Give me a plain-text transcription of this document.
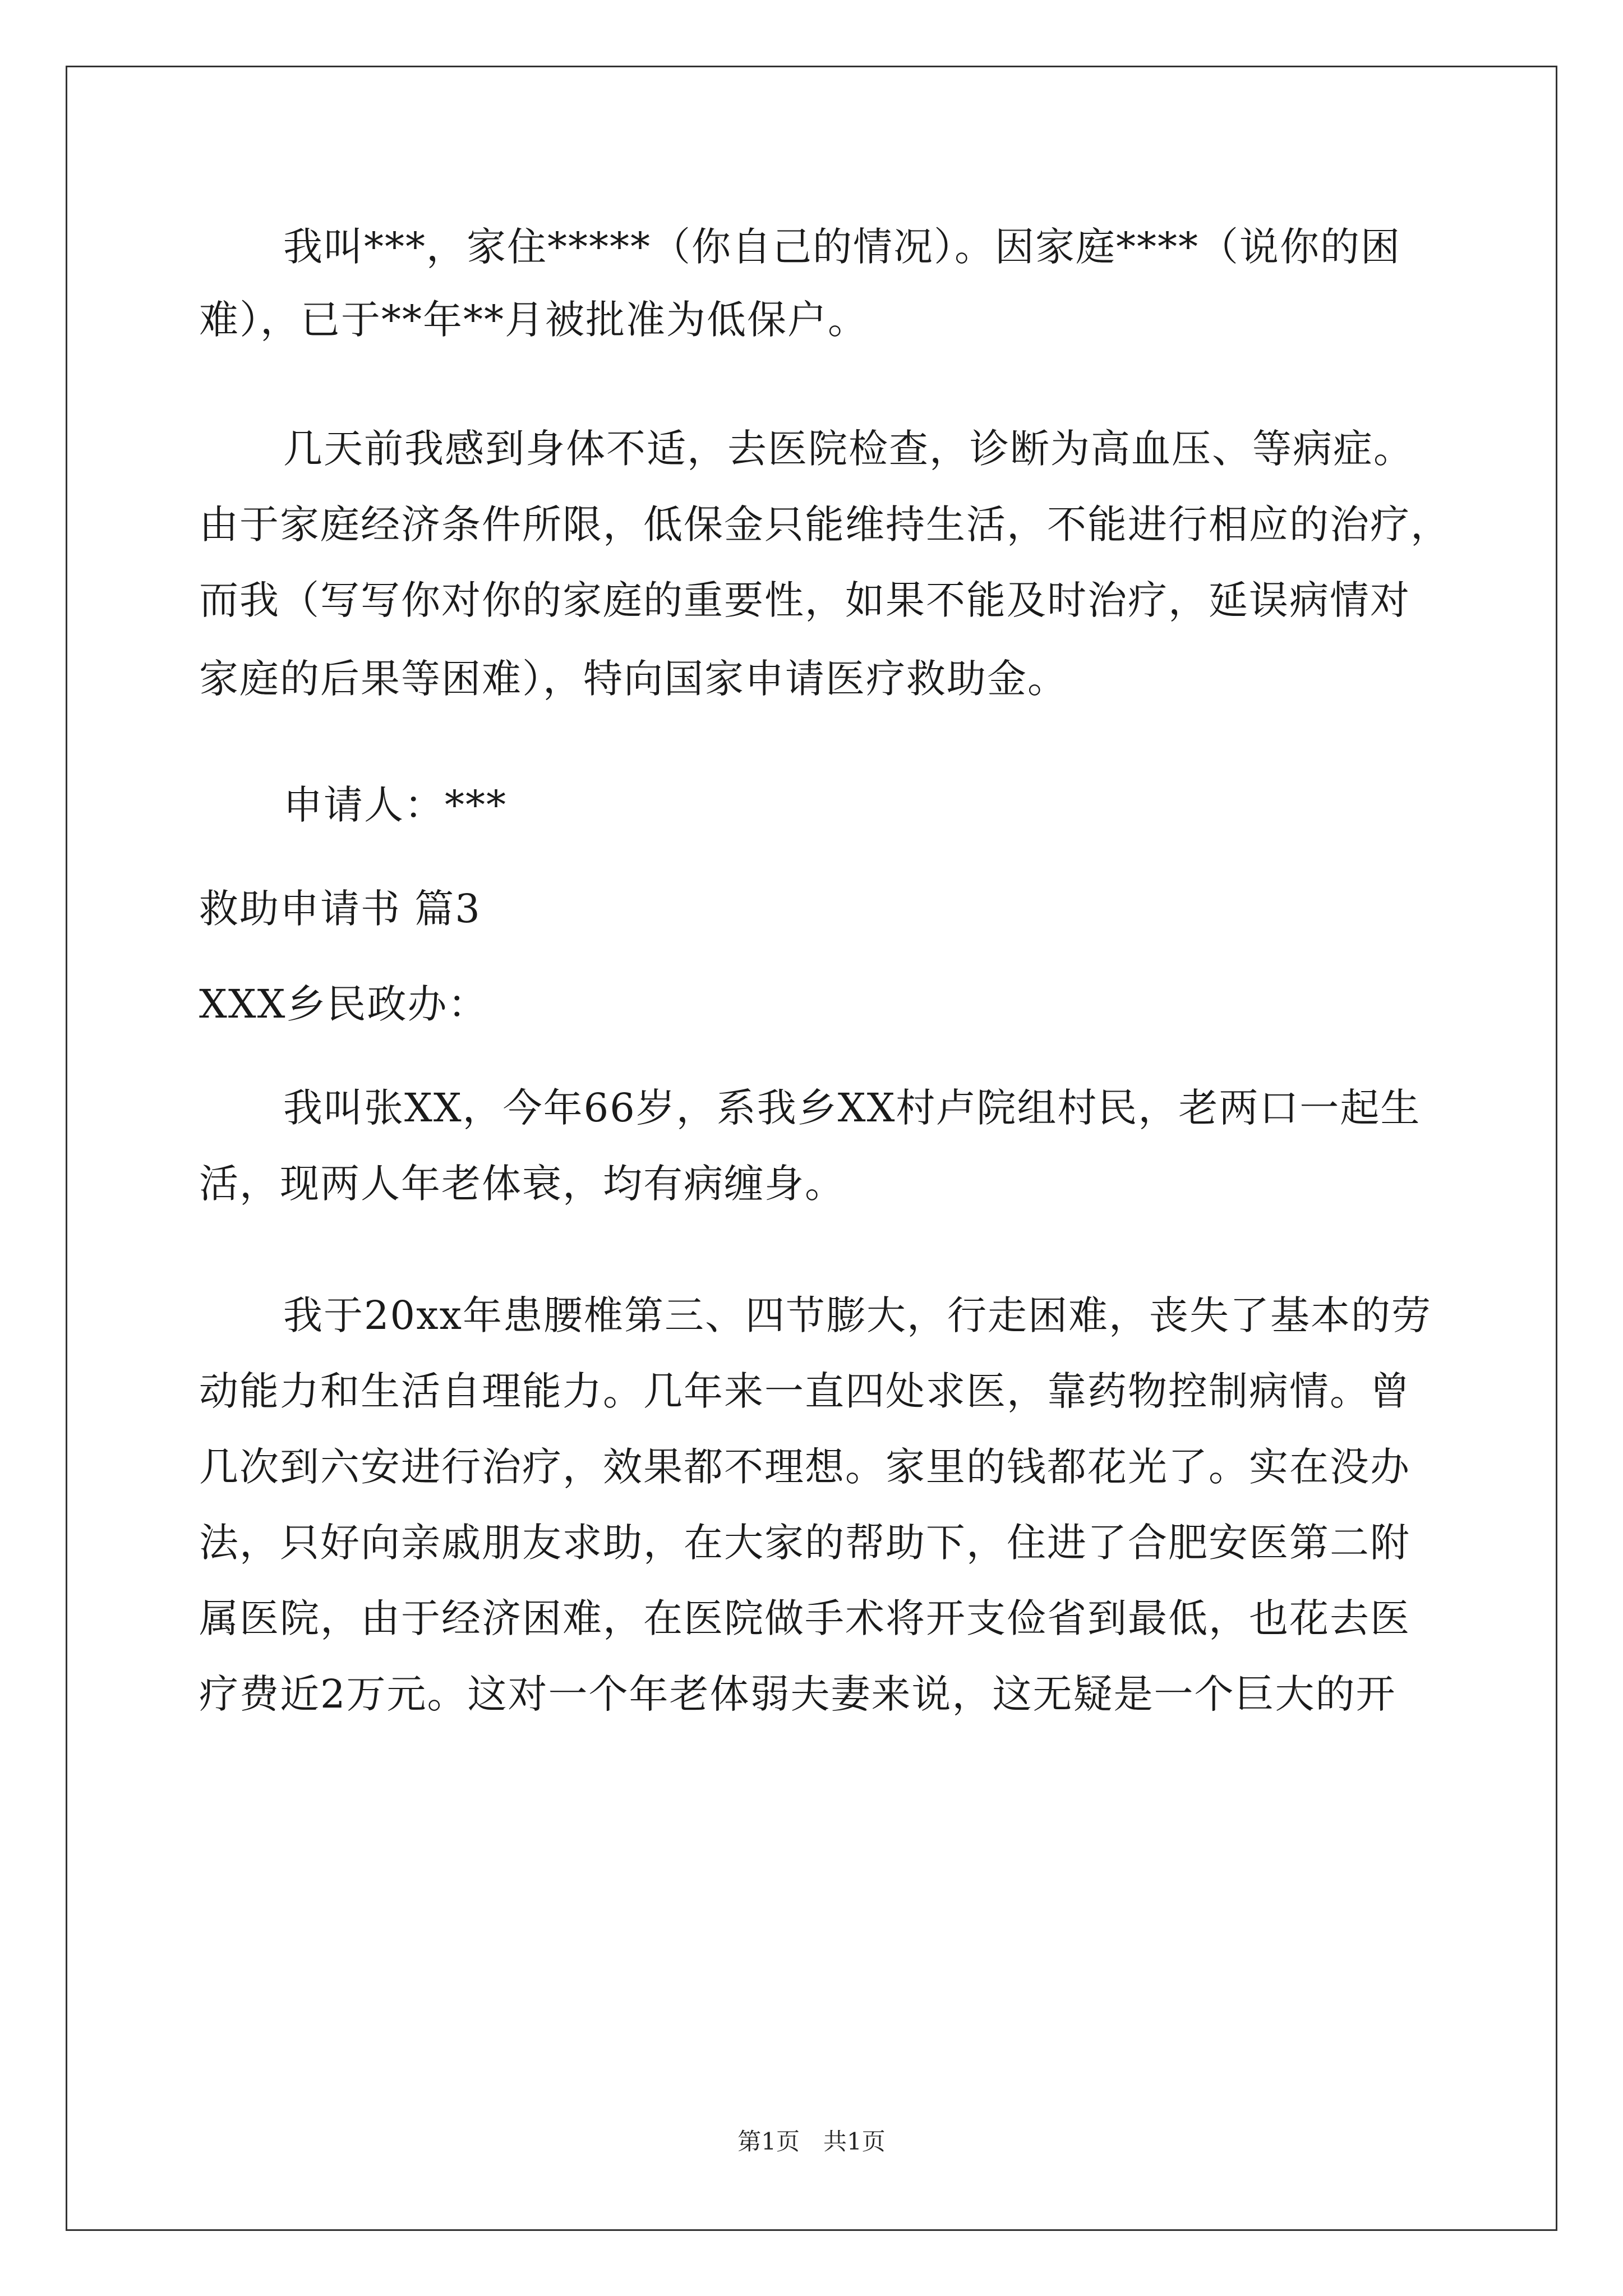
我叫***，家住*****（你自己的情况）。因家庭****（说你的困
难），已于**年**月被批准为低保户。
几天前我感到身体不适，去医院检查，诊断为高血压、等病症。
由于家庭经济条件所限，低保金只能维持生活，不能进行相应的治疗，
而我（写写你对你的家庭的重要性，如果不能及时治疗，延误病情对
家庭的后果等困难），特向国家申请医疗救助金。
申请人：***
救助申请书 篇3
XXX乡民政办：
我叫张XX，今年66岁，系我乡XX村卢院组村民，老两口一起生
活，现两人年老体衰，均有病缠身。
我于20xx年患腰椎第三、四节膨大，行走困难，丧失了基本的劳
动能力和生活自理能力。几年来一直四处求医，靠药物控制病情。曾
几次到六安进行治疗，效果都不理想。家里的钱都花光了。实在没办
法，只好向亲戚朋友求助，在大家的帮助下，住进了合肥安医第二附
属医院，由于经济困难，在医院做手术将开支俭省到最低，也花去医
疗费近2万元。这对一个年老体弱夫妻来说，这无疑是一个巨大的开
第1页　共1页
